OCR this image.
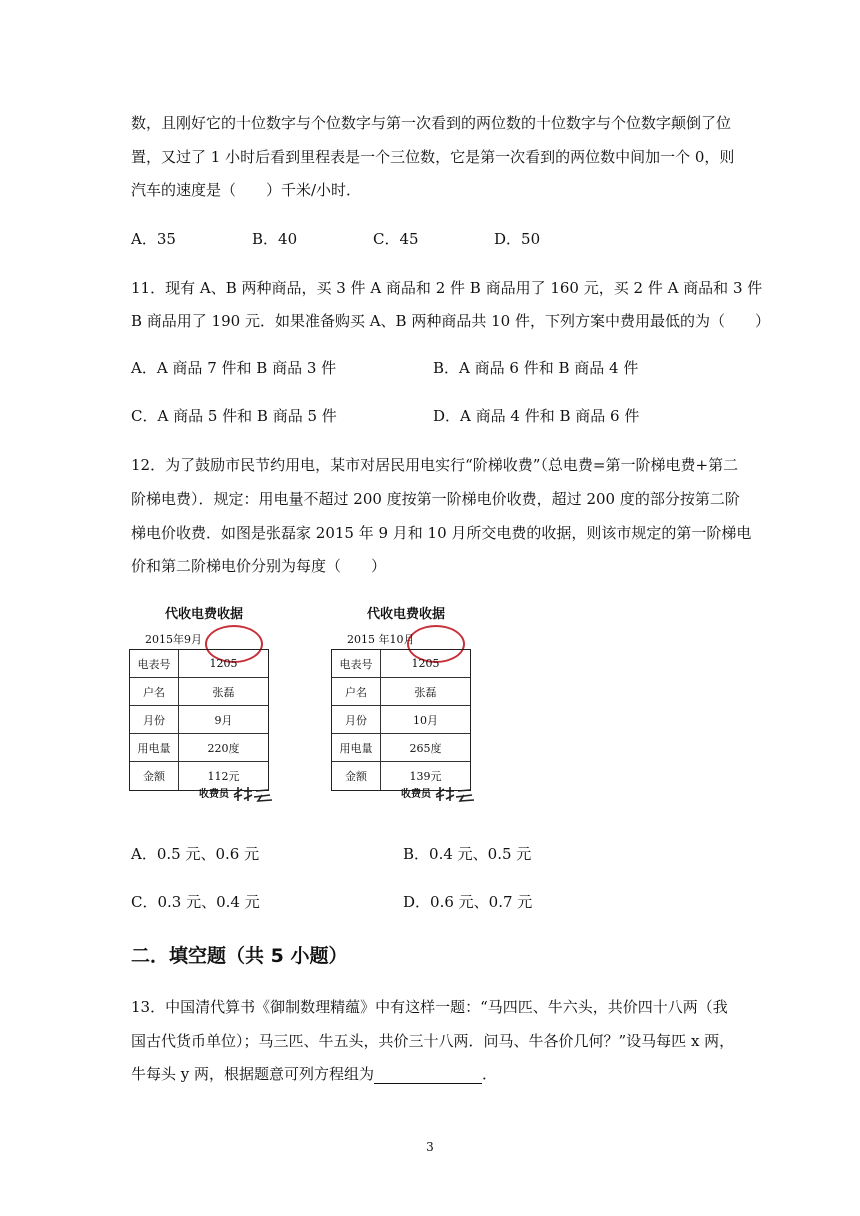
数，且刚好它的十位数字与个位数字与第一次看到的两位数的十位数字与个位数字颠倒了位
置，又过了 1 小时后看到里程表是一个三位数，它是第一次看到的两位数中间加一个 0，则
汽车的速度是（　　）千米/小时．
A．35	B．40	C．45	D．50
11．现有 A、B 两种商品，买 3 件 A 商品和 2 件 B 商品用了 160 元，买 2 件 A 商品和 3 件
B 商品用了 190 元．如果准备购买 A、B 两种商品共 10 件，下列方案中费用最低的为（　　）
A．A 商品 7 件和 B 商品 3 件	B．A 商品 6 件和 B 商品 4 件
C．A 商品 5 件和 B 商品 5 件	D．A 商品 4 件和 B 商品 6 件
12．为了鼓励市民节约用电，某市对居民用电实行“阶梯收费”（总电费=第一阶梯电费+第二
阶梯电费）．规定：用电量不超过 200 度按第一阶梯电价收费，超过 200 度的部分按第二阶
梯电价收费．如图是张磊家 2015 年 9 月和 10 月所交电费的收据，则该市规定的第一阶梯电
价和第二阶梯电价分别为每度（　　）
代收电费收据
2015年9月
电表号	1205
户名	张磊
月份	9月
用电量	220度
金额	112元
收费员
代收电费收据
2015 年10月
电表号	1205
户名	张磊
月份	10月
用电量	265度
金额	139元
收费员
A．0.5 元、0.6 元	B．0.4 元、0.5 元
C．0.3 元、0.4 元	D．0.6 元、0.7 元
二．填空题（共 5 小题）
13．中国清代算书《御制数理精蕴》中有这样一题：“马四匹、牛六头，共价四十八两（我
国古代货币单位）；马三匹、牛五头，共价三十八两．问马、牛各价几何？”设马每匹 x 两，
牛每头 y 两，根据题意可列方程组为	．
3
